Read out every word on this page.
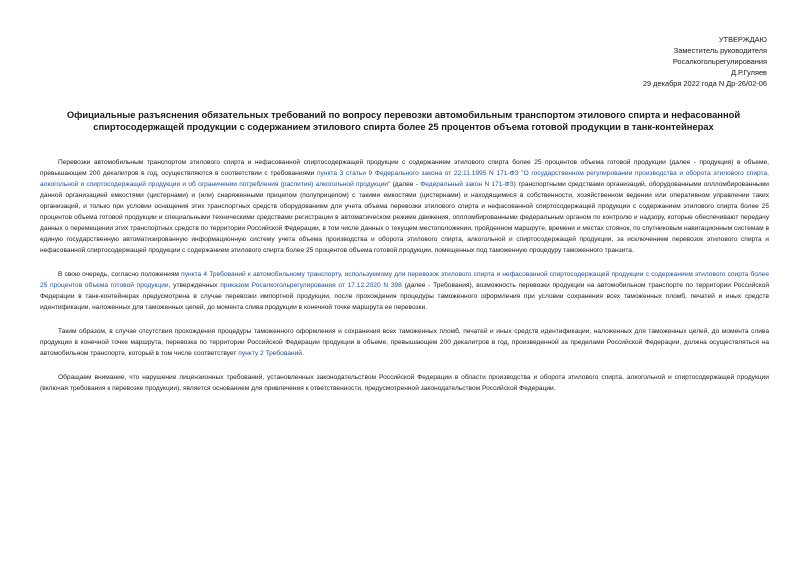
УТВЕРЖДАЮ
Заместитель руководителя
Росалкогольрегулирования
Д.Р.Гуляев
29 декабря 2022 года N Др-26/02-06
Официальные разъяснения обязательных требований по вопросу перевозки автомобильным транспортом этилового спирта и нефасованной спиртосодержащей продукции с содержанием этилового спирта более 25 процентов объема готовой продукции в танк-контейнерах

Перевозки автомобильным транспортом этилового спирта и нефасованной спиртосодержащей продукции с содержанием этилового спирта более 25 процентов объема готовой продукции (далее - продукция) в объеме, превышающем 200 декалитров в год, осуществляются в соответствии с требованиями пункта 3 статьи 9 Федерального закона от 22.11.1995 N 171-ФЗ "О государственном регулировании производства и оборота этилового спирта, алкогольной и спиртосодержащей продукции и об ограничении потребления (распития) алкогольной продукции" (далее - Федеральный закон N 171-ФЗ) транспортными средствами организаций, оборудованными оплломбированными данной организацией емкостями (цистернами) и (или) снаряженными прицепом (полуприцепом) с такими емкостями (цистернами) и находящимися в собственности, хозяйственном ведении или оперативном управлении таких организаций, и только при условии оснащения этих транспортных средств оборудованием для учета объема перевозки этилового спирта и нефасованной спиртосодержащей продукции с содержанием этилового спирта более 25 процентов объема готовой продукции и специальными техническими средствами регистрации в автоматическом режиме движения, оплломбированными федеральным органом по контролю и надзору, которые обеспечивают передачу данных о перемещении этих транспортных средств по территории Российской Федерации, в том числе данных о текущем местоположении, пройденном маршруте, времени и местах стоянок, по спутниковым навигационным системам в единую государственную автоматизированную информационную систему учета объема производства и оборота этилового спирта, алкогольной и спиртосодержащей продукции, за исключением перевозок этилового спирта и нефасованной спиртосодержащей продукции с содержанием этилового спирта более 25 процентов объема готовой продукции, помещенных под таможенную процедуру таможенного транзита.

В свою очередь, согласно положениям пункта 4 Требований к автомобильному транспорту, используемому для перевозок этилового спирта и нефасованной спиртосодержащей продукции с содержанием этилового спирта более 25 процентов объема готовой продукции, утвержденных приказом Росалкогольрегулирования от 17.12.2020 N 398 (далее - Требования), возможность перевозки продукции на автомобильном транспорте по территории Российской Федерации в танк-контейнерах предусмотрена в случае перевозки импортной продукции, после прохождения процедуры таможенного оформления при условии сохранения всех таможенных пломб, печатей и иных средств идентификации, наложенных для таможенных целей, до момента слива продукции в конечной точке маршрута ее перевозки.

Таким образом, в случае отсутствия прохождения процедуры таможенного оформления и сохранения всех таможенных пломб, печатей и иных средств идентификации, наложенных для таможенных целей, до момента слива продукции в конечной точке маршрута, перевозка по территории Российской Федерации продукции в объеме, превышающем 200 декалитров в год, произведенной за пределами Российской Федерации, должна осуществляться на автомобильном транспорте, который в том числе соответствует пункту 2 Требований.

Обращаем внимание, что нарушение лицензионных требований, установленных законодательством Российской Федерации в области производства и оборота этилового спирта, алкогольной и спиртосодержащей продукции (включая требования к перевозке продукции), является основанием для привлечения к ответственности, предусмотренной законодательством Российской Федерации.
